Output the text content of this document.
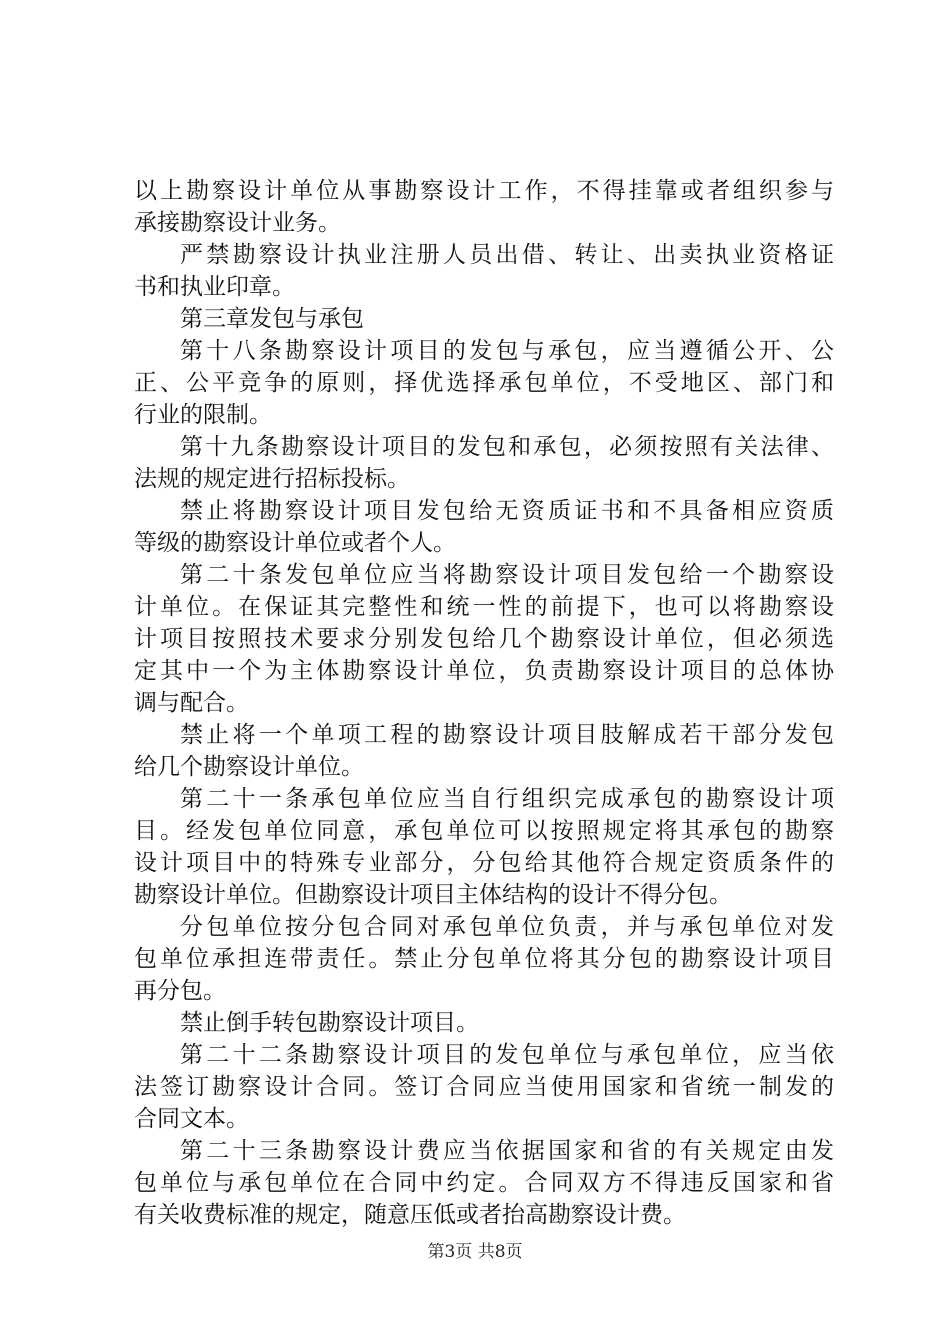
以上勘察设计单位从事勘察设计工作，不得挂靠或者组织参与
承接勘察设计业务。
严禁勘察设计执业注册人员出借、转让、出卖执业资格证
书和执业印章。
第三章发包与承包
第十八条勘察设计项目的发包与承包，应当遵循公开、公
正、公平竞争的原则，择优选择承包单位，不受地区、部门和
行业的限制。
第十九条勘察设计项目的发包和承包，必须按照有关法律、
法规的规定进行招标投标。
禁止将勘察设计项目发包给无资质证书和不具备相应资质
等级的勘察设计单位或者个人。
第二十条发包单位应当将勘察设计项目发包给一个勘察设
计单位。在保证其完整性和统一性的前提下，也可以将勘察设
计项目按照技术要求分别发包给几个勘察设计单位，但必须选
定其中一个为主体勘察设计单位，负责勘察设计项目的总体协
调与配合。
禁止将一个单项工程的勘察设计项目肢解成若干部分发包
给几个勘察设计单位。
第二十一条承包单位应当自行组织完成承包的勘察设计项
目。经发包单位同意，承包单位可以按照规定将其承包的勘察
设计项目中的特殊专业部分，分包给其他符合规定资质条件的
勘察设计单位。但勘察设计项目主体结构的设计不得分包。
分包单位按分包合同对承包单位负责，并与承包单位对发
包单位承担连带责任。禁止分包单位将其分包的勘察设计项目
再分包。
禁止倒手转包勘察设计项目。
第二十二条勘察设计项目的发包单位与承包单位，应当依
法签订勘察设计合同。签订合同应当使用国家和省统一制发的
合同文本。
第二十三条勘察设计费应当依据国家和省的有关规定由发
包单位与承包单位在合同中约定。合同双方不得违反国家和省
有关收费标准的规定，随意压低或者抬高勘察设计费。
第3页 共8页
